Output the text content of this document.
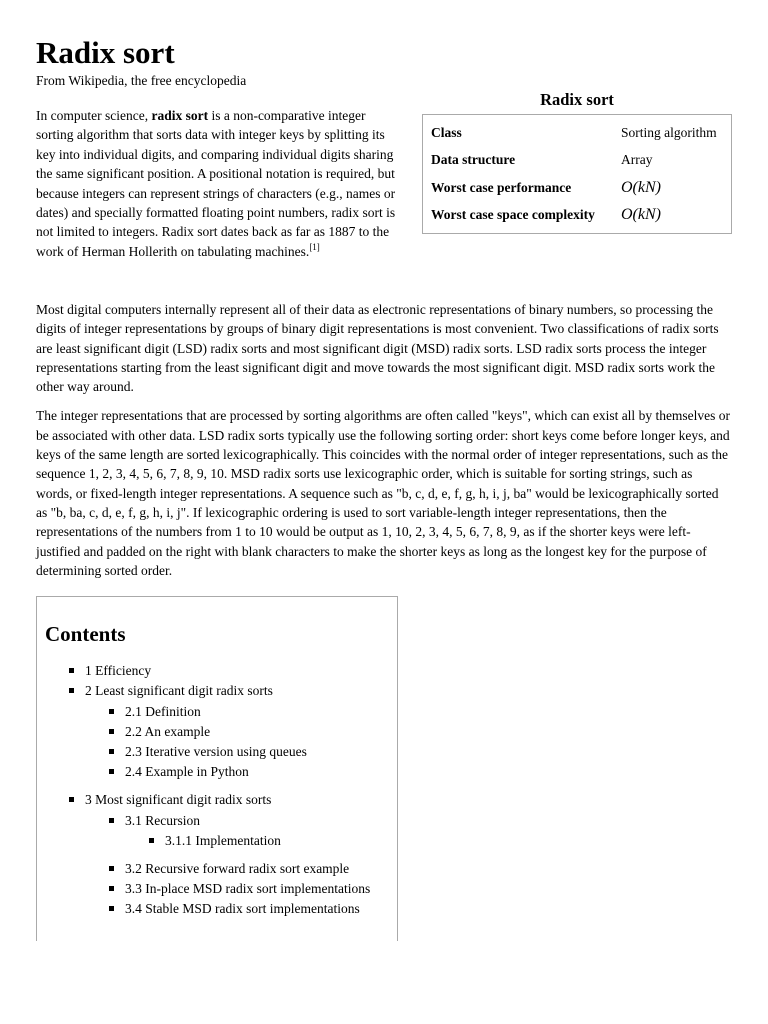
Radix sort
From Wikipedia, the free encyclopedia

In computer science, radix sort is a non-comparative integer sorting algorithm that sorts data with integer keys by splitting its key into individual digits, and comparing individual digits sharing the same significant position. A positional notation is required, but because integers can represent strings of characters (e.g., names or dates) and specially formatted floating point numbers, radix sort is not limited to integers. Radix sort dates back as far as 1887 to the work of Herman Hollerith on tabulating machines.[1]

Radix sort
Class	Sorting algorithm
Data structure	Array
Worst case performance	O(kN)
Worst case space complexity	O(kN)

Most digital computers internally represent all of their data as electronic representations of binary numbers, so processing the digits of integer representations by groups of binary digit representations is most convenient. Two classifications of radix sorts are least significant digit (LSD) radix sorts and most significant digit (MSD) radix sorts. LSD radix sorts process the integer representations starting from the least significant digit and move towards the most significant digit. MSD radix sorts work the other way around.

The integer representations that are processed by sorting algorithms are often called "keys", which can exist all by themselves or be associated with other data. LSD radix sorts typically use the following sorting order: short keys come before longer keys, and keys of the same length are sorted lexicographically. This coincides with the normal order of integer representations, such as the sequence 1, 2, 3, 4, 5, 6, 7, 8, 9, 10. MSD radix sorts use lexicographic order, which is suitable for sorting strings, such as words, or fixed-length integer representations. A sequence such as "b, c, d, e, f, g, h, i, j, ba" would be lexicographically sorted as "b, ba, c, d, e, f, g, h, i, j". If lexicographic ordering is used to sort variable-length integer representations, then the representations of the numbers from 1 to 10 would be output as 1, 10, 2, 3, 4, 5, 6, 7, 8, 9, as if the shorter keys were left-justified and padded on the right with blank characters to make the shorter keys as long as the longest key for the purpose of determining sorted order.

Contents
1 Efficiency
2 Least significant digit radix sorts
2.1 Definition
2.2 An example
2.3 Iterative version using queues
2.4 Example in Python
3 Most significant digit radix sorts
3.1 Recursion
3.1.1 Implementation
3.2 Recursive forward radix sort example
3.3 In-place MSD radix sort implementations
3.4 Stable MSD radix sort implementations
